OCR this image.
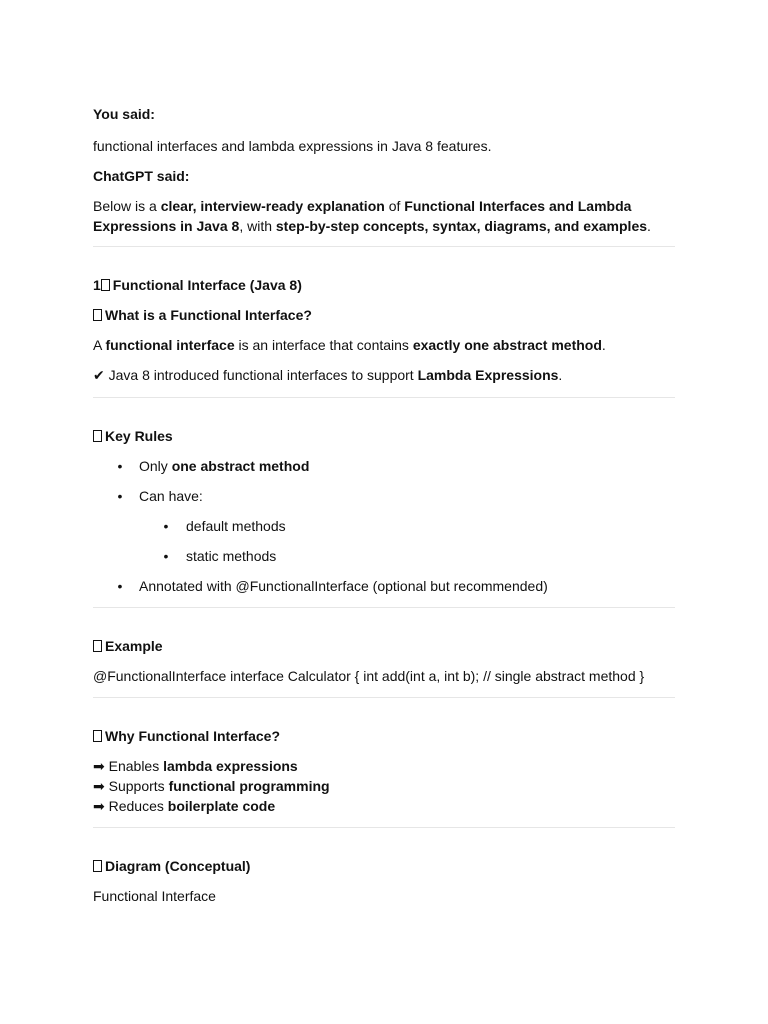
You said:

functional interfaces and lambda expressions in Java 8 features.

ChatGPT said:

Below is a clear, interview-ready explanation of Functional Interfaces and Lambda Expressions in Java 8, with step-by-step concepts, syntax, diagrams, and examples.

1 Functional Interface (Java 8)

What is a Functional Interface?

A functional interface is an interface that contains exactly one abstract method.

✔ Java 8 introduced functional interfaces to support Lambda Expressions.

Key Rules

• Only one abstract method
• Can have:
• default methods
• static methods
• Annotated with @FunctionalInterface (optional but recommended)

Example

@FunctionalInterface interface Calculator { int add(int a, int b); // single abstract method }

Why Functional Interface?

➡ Enables lambda expressions

➡ Supports functional programming

➡ Reduces boilerplate code

Diagram (Conceptual)

Functional Interface
